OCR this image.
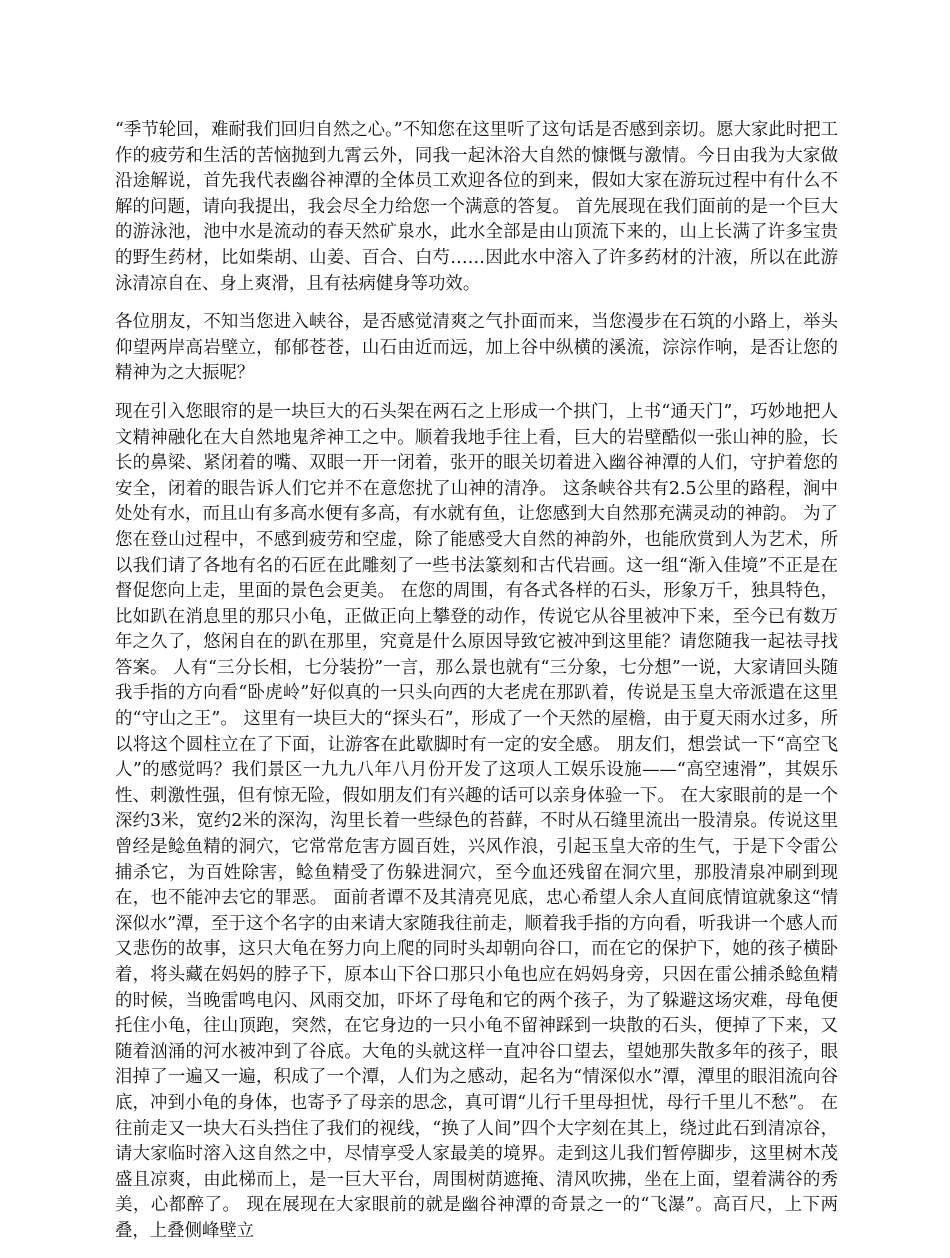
“季节轮回，难耐我们回归自然之心。”不知您在这里听了这句话是否感到亲切。愿大家此时把工作的疲劳和生活的苦恼抛到九霄云外，同我一起沐浴大自然的慷慨与激情。今日由我为大家做沿途解说，首先我代表幽谷神潭的全体员工欢迎各位的到来，假如大家在游玩过程中有什么不解的问题，请向我提出，我会尽全力给您一个满意的答复。 首先展现在我们面前的是一个巨大的游泳池，池中水是流动的春天然矿泉水，此水全部是由山顶流下来的，山上长满了许多宝贵的野生药材，比如柴胡、山姜、百合、白芍……因此水中溶入了许多药材的汁液，所以在此游泳清凉自在、身上爽滑，且有祛病健身等功效。

各位朋友，不知当您进入峡谷，是否感觉清爽之气扑面而来，当您漫步在石筑的小路上，举头仰望两岸高岩壁立，郁郁苍苍，山石由近而远，加上谷中纵横的溪流，淙淙作响，是否让您的精神为之大振呢？

现在引入您眼帘的是一块巨大的石头架在两石之上形成一个拱门，上书“通天门”，巧妙地把人文精神融化在大自然地鬼斧神工之中。顺着我地手往上看，巨大的岩壁酷似一张山神的脸，长长的鼻梁、紧闭着的嘴、双眼一开一闭着，张开的眼关切着进入幽谷神潭的人们，守护着您的安全，闭着的眼告诉人们它并不在意您扰了山神的清净。 这条峡谷共有2.5公里的路程，涧中处处有水，而且山有多高水便有多高，有水就有鱼，让您感到大自然那充满灵动的神韵。 为了您在登山过程中，不感到疲劳和空虚，除了能感受大自然的神韵外，也能欣赏到人为艺术，所以我们请了各地有名的石匠在此雕刻了一些书法篆刻和古代岩画。这一组“渐入佳境”不正是在督促您向上走，里面的景色会更美。 在您的周围，有各式各样的石头，形象万千，独具特色，比如趴在消息里的那只小龟，正做正向上攀登的动作，传说它从谷里被冲下来，至今已有数万年之久了，悠闲自在的趴在那里，究竟是什么原因导致它被冲到这里能？请您随我一起祛寻找答案。 人有“三分长相，七分装扮”一言，那么景也就有“三分象，七分想”一说，大家请回头随我手指的方向看“卧虎岭”好似真的一只头向西的大老虎在那趴着，传说是玉皇大帝派遣在这里的“守山之王”。 这里有一块巨大的“探头石”，形成了一个天然的屋檐，由于夏天雨水过多，所以将这个圆柱立在了下面，让游客在此歇脚时有一定的安全感。 朋友们，想尝试一下“高空飞人”的感觉吗？我们景区一九九八年八月份开发了这项人工娱乐设施——“高空速滑”，其娱乐性、刺激性强，但有惊无险，假如朋友们有兴趣的话可以亲身体验一下。 在大家眼前的是一个深约3米，宽约2米的深沟，沟里长着一些绿色的苔藓，不时从石缝里流出一股清泉。传说这里曾经是鲶鱼精的洞穴，它常常危害方圆百姓，兴风作浪，引起玉皇大帝的生气，于是下令雷公捕杀它，为百姓除害，鲶鱼精受了伤躲进洞穴，至今血还残留在洞穴里，那股清泉冲刷到现在，也不能冲去它的罪恶。 面前者谭不及其清亮见底，忠心希望人余人直间底情谊就象这“情深似水”潭，至于这个名字的由来请大家随我往前走，顺着我手指的方向看，听我讲一个感人而又悲伤的故事，这只大龟在努力向上爬的同时头却朝向谷口，而在它的保护下，她的孩子横卧着，将头藏在妈妈的脖子下，原本山下谷口那只小龟也应在妈妈身旁，只因在雷公捕杀鲶鱼精的时候，当晚雷鸣电闪、风雨交加，吓坏了母龟和它的两个孩子，为了躲避这场灾难，母龟便托住小龟，往山顶跑，突然，在它身边的一只小龟不留神踩到一块散的石头，便掉了下来，又随着汹涌的河水被冲到了谷底。大龟的头就这样一直冲谷口望去，望她那失散多年的孩子，眼泪掉了一遍又一遍，积成了一个潭，人们为之感动，起名为“情深似水”潭，潭里的眼泪流向谷底，冲到小龟的身体，也寄予了母亲的思念，真可谓“儿行千里母担忧，母行千里儿不愁”。 在往前走又一块大石头挡住了我们的视线，“换了人间”四个大字刻在其上，绕过此石到清凉谷，请大家临时溶入这自然之中，尽情享受人家最美的境界。走到这儿我们暂停脚步，这里树木茂盛且凉爽，由此梯而上，是一巨大平台，周围树荫遮掩、清风吹拂，坐在上面，望着满谷的秀美，心都醉了。 现在展现在大家眼前的就是幽谷神潭的奇景之一的“飞瀑”。高百尺，上下两叠，上叠侧峰壁立
